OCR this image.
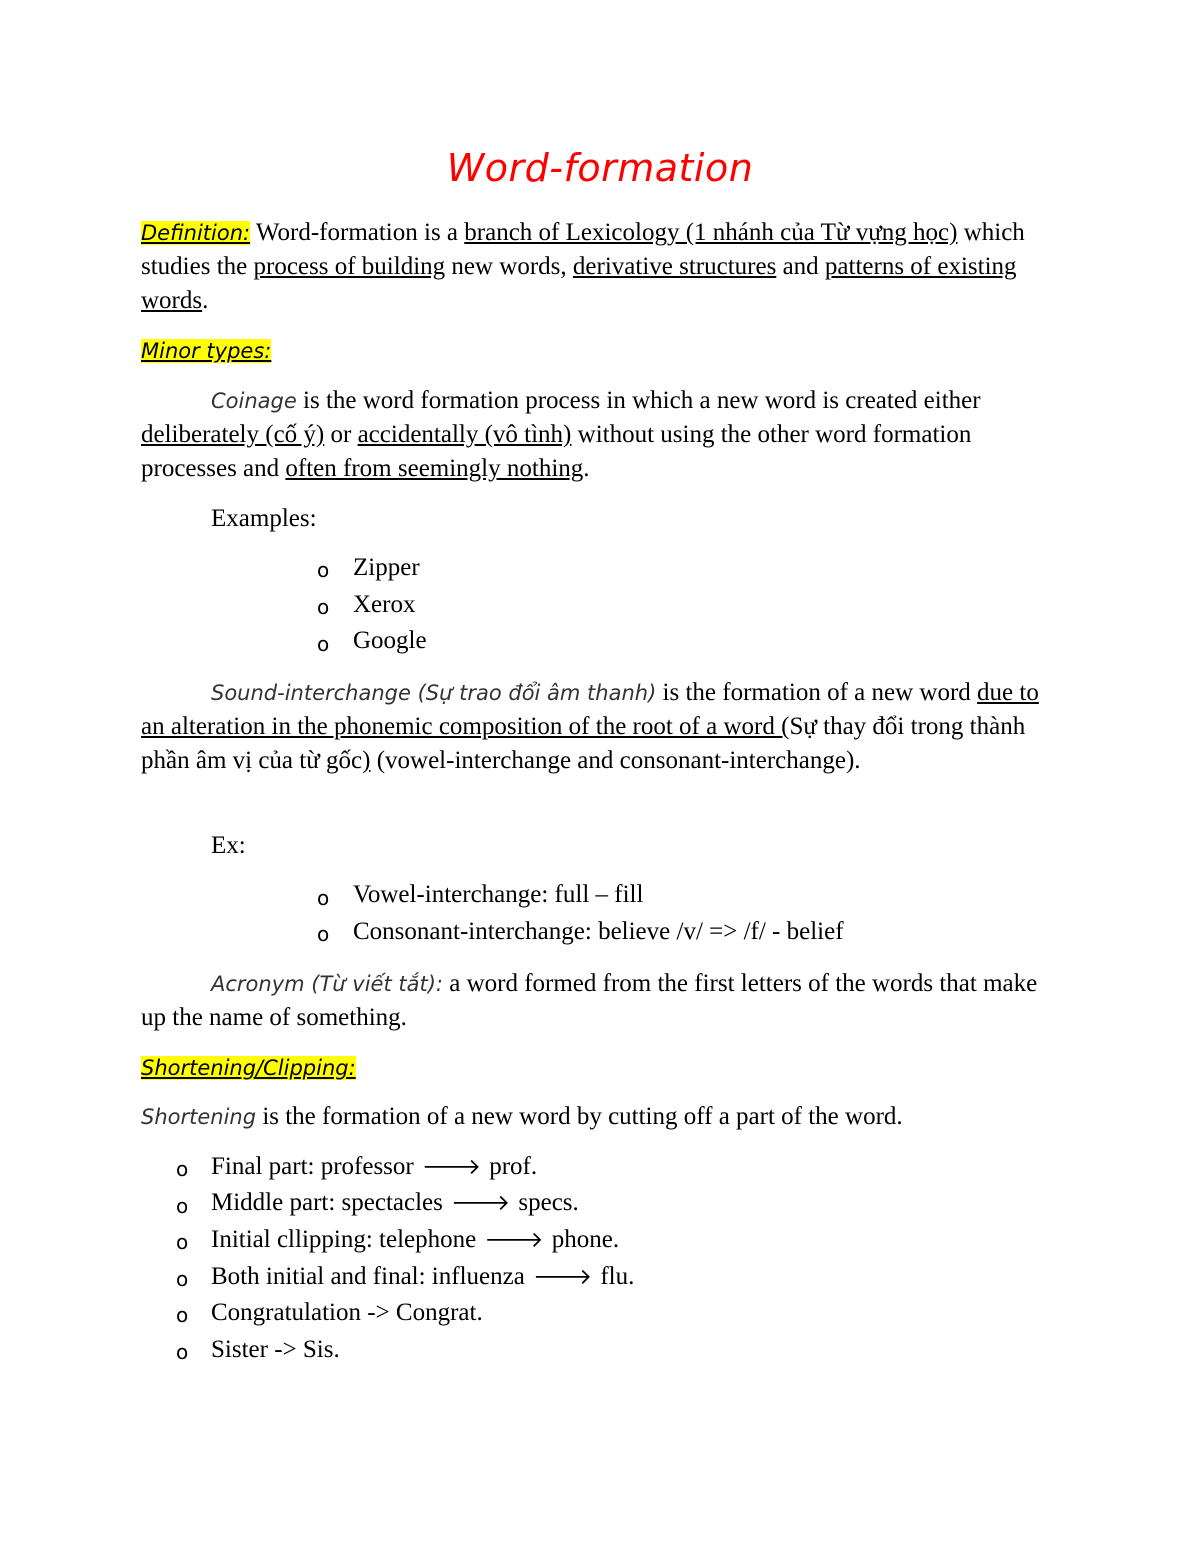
Word-formation
Definition: Word-formation is a branch of Lexicology (1 nhánh của Từ vựng học) which studies the process of building new words, derivative structures and patterns of existing words.
Minor types:
Coinage is the word formation process in which a new word is created either deliberately (cố ý) or accidentally (vô tình) without using the other word formation processes and often from seemingly nothing.
Examples:
o Zipper
o Xerox
o Google
Sound-interchange (Sự trao đổi âm thanh) is the formation of a new word due to an alteration in the phonemic composition of the root of a word (Sự thay đổi trong thành phần âm vị của từ gốc) (vowel-interchange and consonant-interchange).
Ex:
o Vowel-interchange: full – fill
o Consonant-interchange: believe /v/ => /f/ - belief
Acronym (Từ viết tắt): a word formed from the first letters of the words that make up the name of something.
Shortening/Clipping:
Shortening is the formation of a new word by cutting off a part of the word.
o Final part: professor 🡒 prof.
o Middle part: spectacles 🡒 specs.
o Initial cllipping: telephone 🡒 phone.
o Both initial and final: influenza 🡒 flu.
o Congratulation -> Congrat.
o Sister -> Sis.
